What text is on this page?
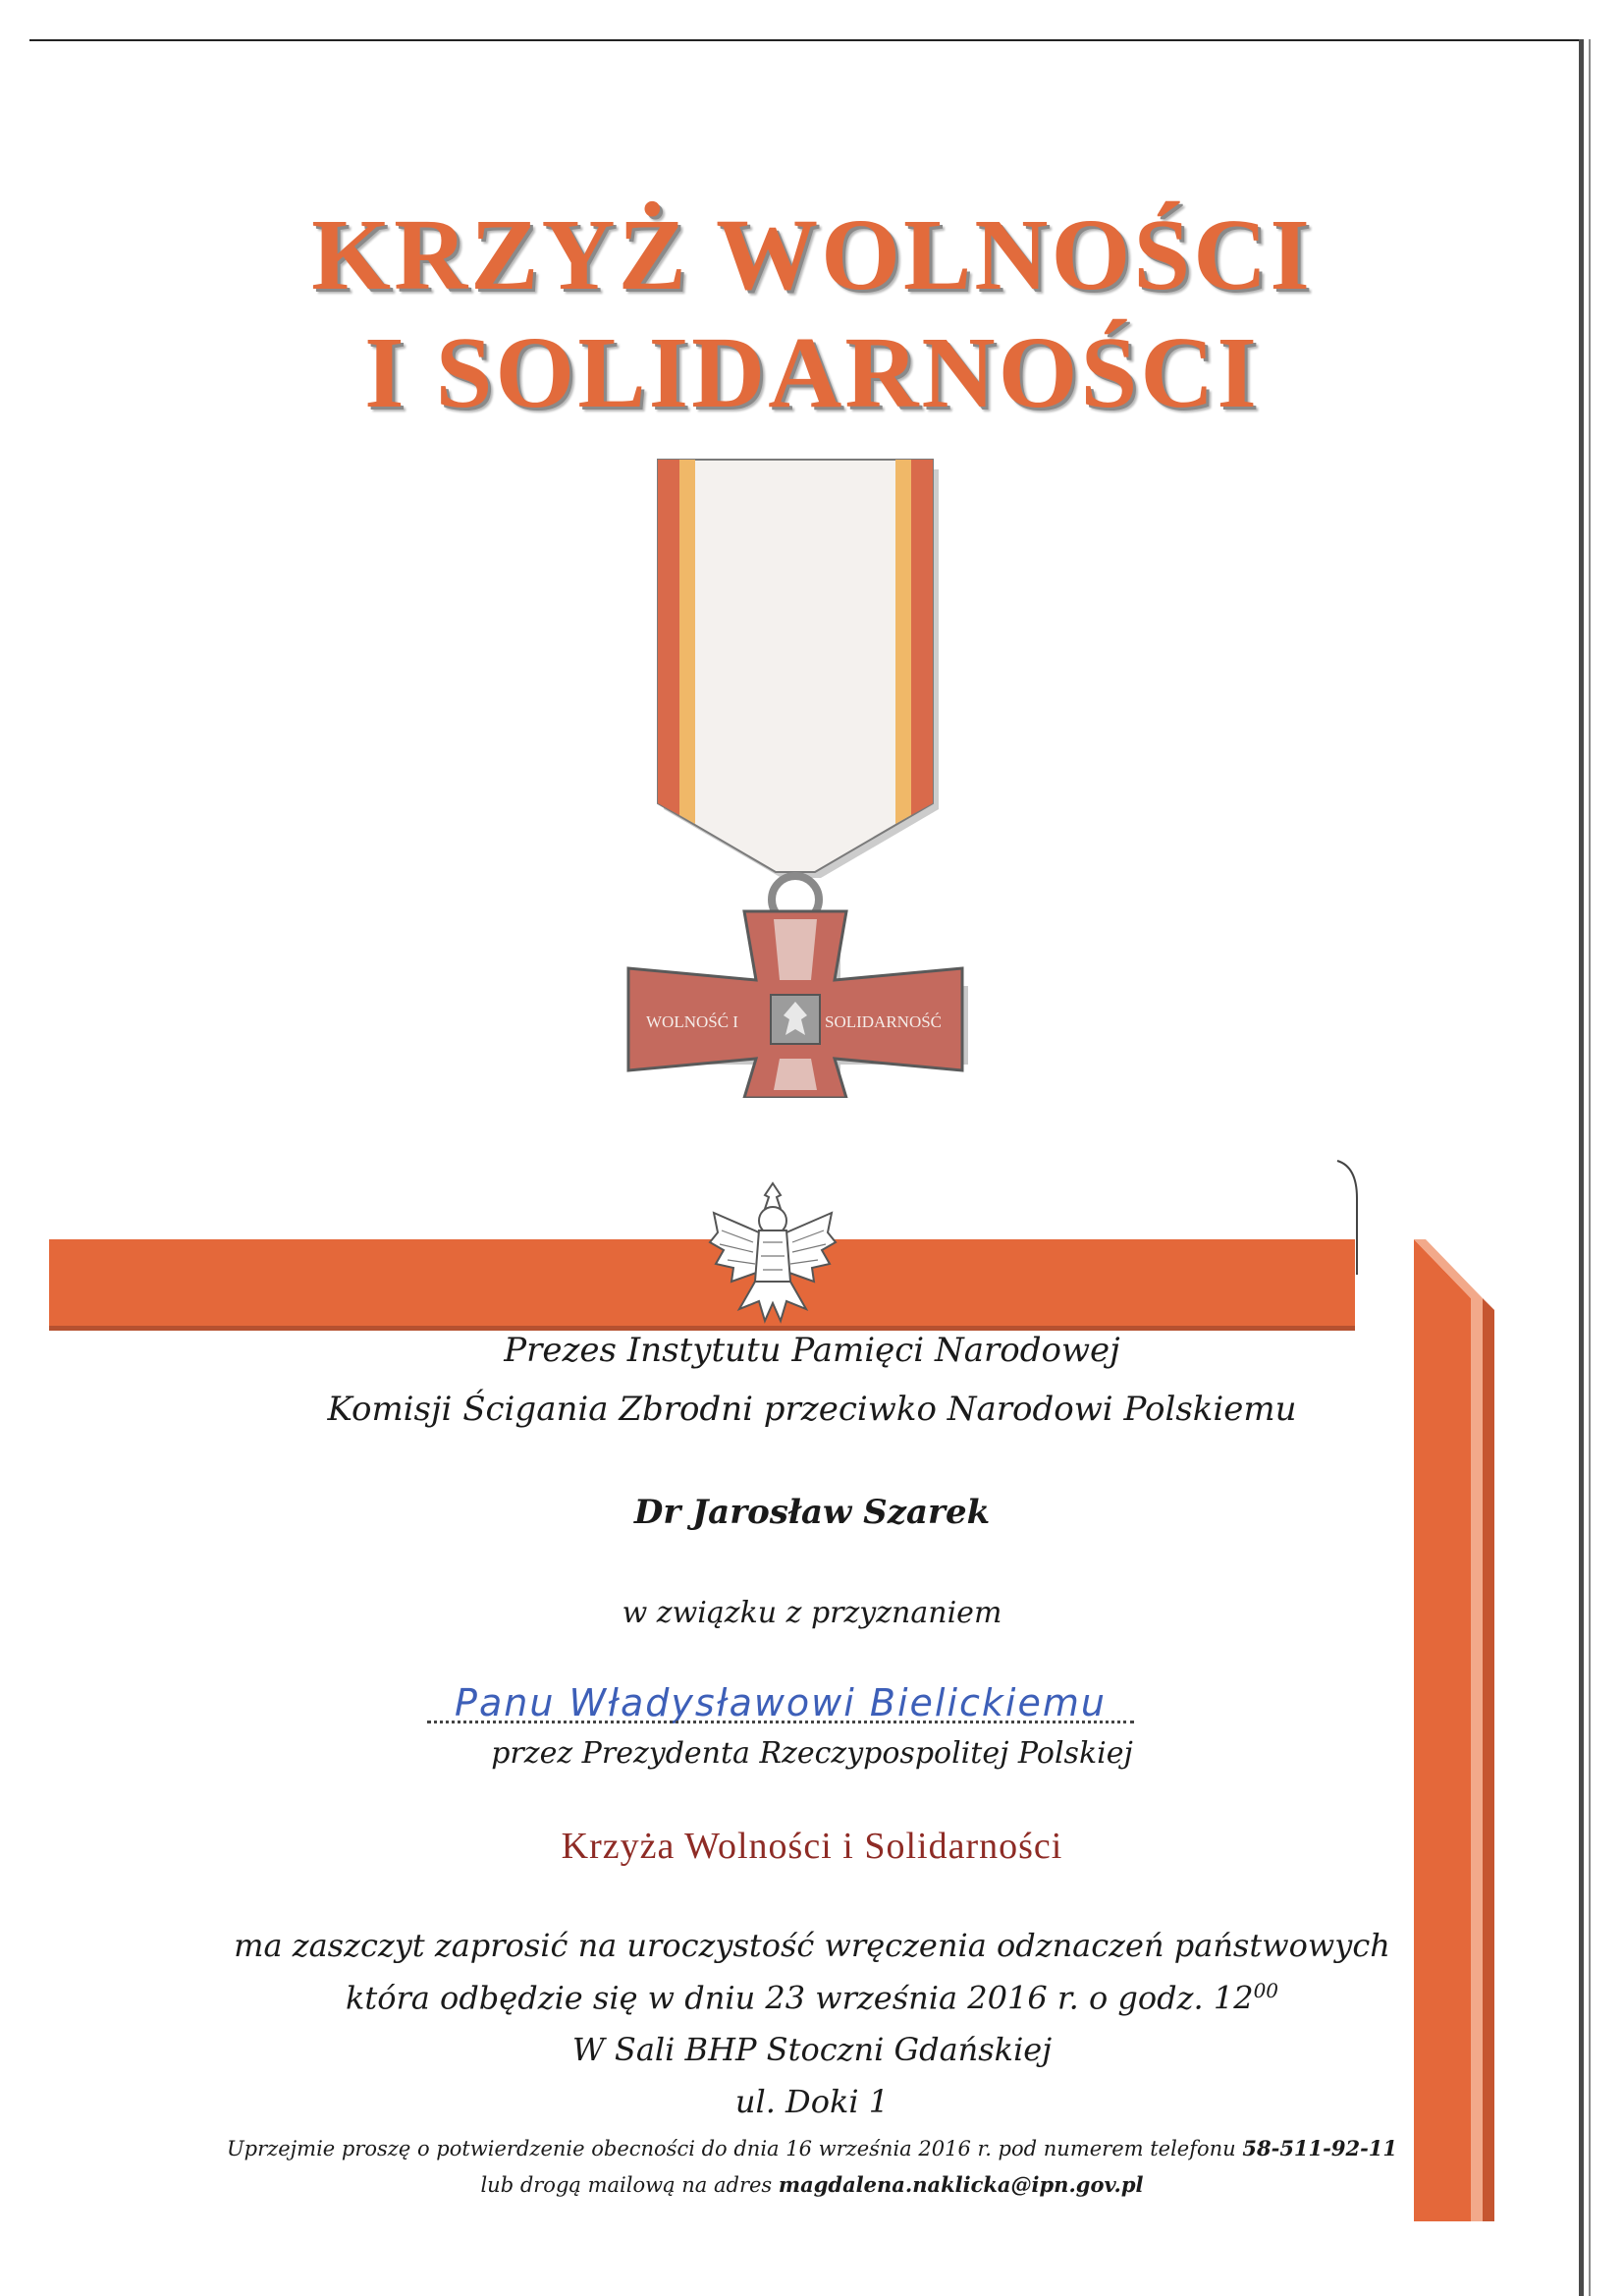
KRZYŻ WOLNOŚCI
I SOLIDARNOŚCI
WOLNOŚĆ I	SOLIDARNOŚĆ
Prezes Instytutu Pamięci Narodowej
Komisji Ścigania Zbrodni przeciwko Narodowi Polskiemu
Dr Jarosław Szarek
w związku z przyznaniem
Panu Władysławowi Bielickiemu
przez Prezydenta Rzeczypospolitej Polskiej
Krzyża Wolności i Solidarności
ma zaszczyt zaprosić na uroczystość wręczenia odznaczeń państwowych
która odbędzie się w dniu 23 września 2016 r. o godz. $12^{00}$
W Sali BHP Stoczni Gdańskiej
ul. Doki 1
Uprzejmie proszę o potwierdzenie obecności do dnia 16 września 2016 r. pod numerem telefonu 58-511-92-11
lub drogą mailową na adres magdalena.naklicka@ipn.gov.pl
